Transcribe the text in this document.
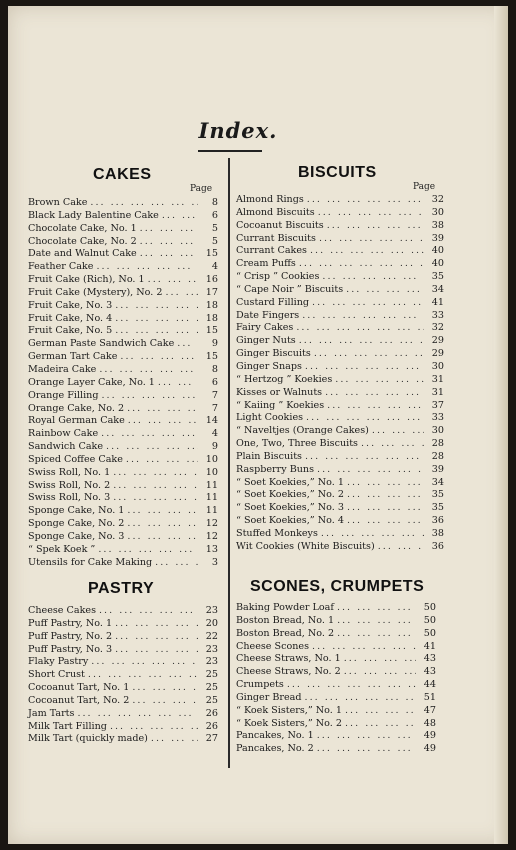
Index.
CAKES
Page
Brown Cake ... .	8
Black Lady Balentine Cake ... .	6
Chocolate Cake, No. 1 ... .	5
Chocolate Cake, No. 2 ... .	5
Date and Walnut Cake ... .	15
Feather Cake ... .	4
Fruit Cake (Rich), No. 1 ... .	16
Fruit Cake (Mystery), No. 2 ... .	17
Fruit Cake, No. 3 ... .	18
Fruit Cake, No. 4 ... .	18
Fruit Cake, No. 5 ... .	15
German Paste Sandwich Cake ... .	9
German Tart Cake ... .	15
Madeira Cake ... .	8
Orange Layer Cake, No. 1 ... .	6
Orange Filling ... .	7
Orange Cake, No. 2 ... .	7
Royal German Cake ... .	14
Rainbow Cake ... .	4
Sandwich Cake ... .	9
Spiced Coffee Cake ... .	10
Swiss Roll, No. 1 ... .	10
Swiss Roll, No. 2 ... .	11
Swiss Roll, No. 3 ... .	11
Sponge Cake, No. 1 ... .	11
Sponge Cake, No. 2 ... .	12
Sponge Cake, No. 3 ... .	12
“ Spek Koek ” ... .	13
Utensils for Cake Making ... .	3
PASTRY
Cheese Cakes ... .	23
Puff Pastry, No. 1 ... .	20
Puff Pastry, No. 2 ... .	22
Puff Pastry, No. 3 ... .	23
Flaky Pastry ... .	23
Short Crust ... .	25
Cocoanut Tart, No. 1 ... .	25
Cocoanut Tart, No. 2 ... .	25
Jam Tarts ... .	26
Milk Tart Filling ... .	26
Milk Tart (quickly made) ... .	27
BISCUITS
Page
Almond Rings ... .	32
Almond Biscuits ... .	30
Cocoanut Biscuits ... .	38
Currant Biscuits ... .	39
Currant Cakes ... .	40
Cream Puffs ... .	40
“ Crisp ” Cookies ... .	35
“ Cape Noir ” Biscuits ... .	34
Custard Filling ... .	41
Date Fingers ... .	33
Fairy Cakes ... .	32
Ginger Nuts ... .	29
Ginger Biscuits ... .	29
Ginger Snaps ... .	30
“ Hertzog ” Koekies ... .	31
Kisses or Walnuts ... .	31
“ Kaiing ” Koekies ... .	37
Light Cookies ... .	33
“ Naveltjes (Orange Cakes) ... .	30
One, Two, Three Biscuits ... .	28
Plain Biscuits ... .	28
Raspberry Buns ... .	39
“ Soet Koekies,” No. 1 ... .	34
“ Soet Koekies,” No. 2 ... .	35
“ Soet Koekies,” No. 3 ... .	35
“ Soet Koekies,” No. 4 ... .	36
Stuffed Monkeys ... .	38
Wit Cookies (White Biscuits) ... .	36
SCONES, CRUMPETS
Baking Powder Loaf ... .	50
Boston Bread, No. 1 ... .	50
Boston Bread, No. 2 ... .	50
Cheese Scones ... .	41
Cheese Straws, No. 1 ... .	43
Cheese Straws, No. 2 ... .	43
Crumpets ... .	44
Ginger Bread ... .	51
“ Koek Sisters,” No. 1 ... .	47
“ Koek Sisters,” No. 2 ... .	48
Pancakes, No. 1 ... .	49
Pancakes, No. 2 ... .	49
